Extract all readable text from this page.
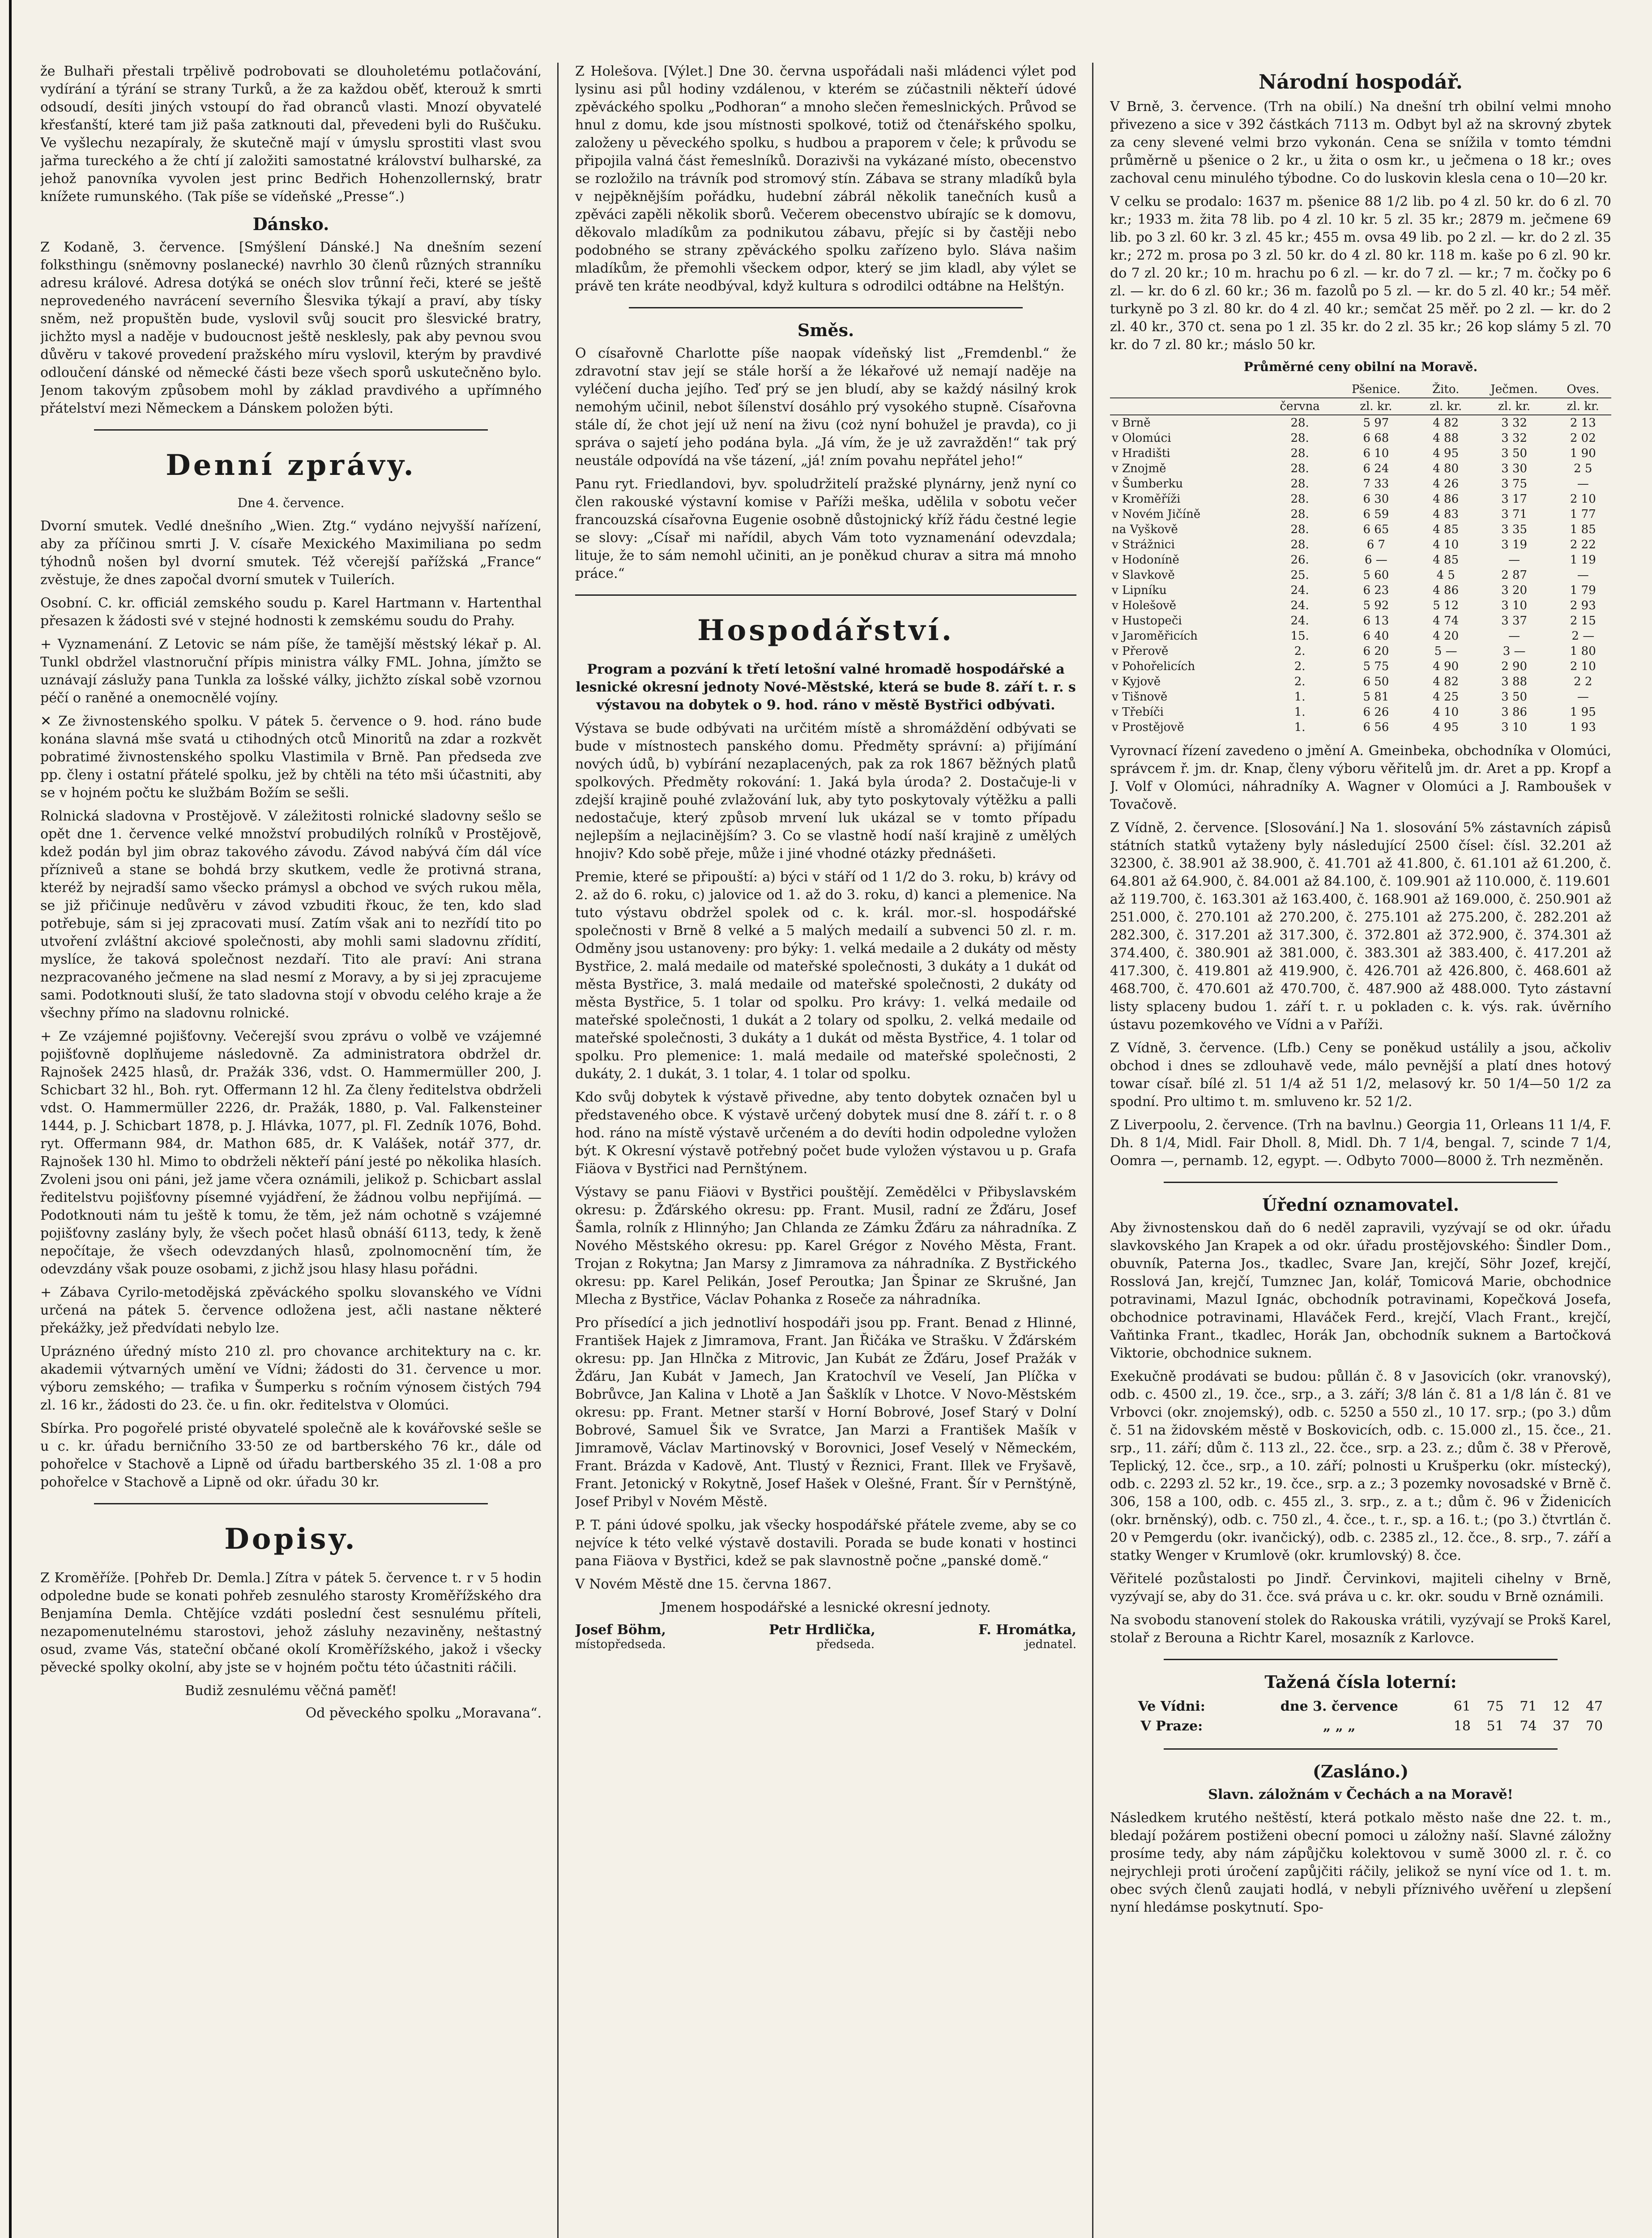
že Bulhaři přestali trpělivě podrobovati se dlouholetému potlačování, vydírání a týrání se strany Turků, a že za každou oběť, kterouž k smrti odsoudí, desíti jiných vstoupí do řad obranců vlasti. Mnozí obyvatelé křesťanští, které tam již paša zatknouti dal, převedeni byli do Ruščuku. Ve vyšlechu nezapíraly, že skutečně mají v úmyslu sprostiti vlast svou jařma tureckého a že chtí jí založiti samostatné království bulharské, za jehož panovníka vyvolen jest princ Bedřich Hohenzollernský, bratr knížete rumunského. (Tak píše se vídeňské „Presse“.)

Dánsko.

Z Kodaně, 3. července. [Smýšlení Dánské.] Na dnešním sezení folksthingu (sněmovny poslanecké) navrhlo 30 členů různých stranníku adresu králové. Adresa dotýká se onéch slov trůnní řeči, které se ještě neprovedeného navrácení severního Šlesvika týkají a praví, aby tísky sněm, než propuštěn bude, vyslovil svůj soucit pro šlesvické bratry, jichžto mysl a naděje v budoucnost ještě nesklesly, pak aby pevnou svou důvěru v takové provedení pražského míru vyslovil, kterým by pravdivé odloučení dánské od německé části beze všech sporů uskutečněno bylo. Jenom takovým způsobem mohl by základ pravdivého a upřímného přátelství mezi Německem a Dánskem položen býti.

Denní zprávy.
Dne 4. července.

Dvorní smutek. Vedlé dnešního „Wien. Ztg.“ vydáno nejvyšší nařízení, aby za příčinou smrti J. V. císaře Mexického Maximiliana po sedm týhodnů nošen byl dvorní smutek. Též včerejší pařížská „France“ zvěstuje, že dnes započal dvorní smutek v Tuilerích.

Osobní. C. kr. officiál zemského soudu p. Karel Hartmann v. Hartenthal přesazen k žádosti své v stejné hodnosti k zemskému soudu do Prahy.

+ Vyznamenání. Z Letovic se nám píše, že tamější městský lékař p. Al. Tunkl obdržel vlastnoruční přípis ministra války FML. Johna, jímžto se uznávají záslužy pana Tunkla za lošské války, jichžto získal sobě vzornou péčí o raněné a onemocnělé vojíny.

✕ Ze živnostenského spolku. V pátek 5. července o 9. hod. ráno bude konána slavná mše svatá u ctihodných otců Minoritů na zdar a rozkvět pobratimé živnostenského spolku Vlastimila v Brně. Pan předseda zve pp. členy i ostatní přátelé spolku, jež by chtěli na této mši účastniti, aby se v hojném počtu ke službám Božím se sešli.

Rolnická sladovna v Prostějově. V záležitosti rolnické sladovny sešlo se opět dne 1. července velké množství probudilých rolníků v Prostějově, kdež podán byl jim obraz takového závodu. Závod nabývá čím dál více přízniveů a stane se bohdá brzy skutkem, vedle že protivná strana, kteréž by nejradší samo všecko prámysl a obchod ve svých rukou měla, se již přičinuje nedůvěru v závod vzbuditi řkouc, že ten, kdo slad potřebuje, sám si jej zpracovati musí. Zatím však ani to nezřídí tito po utvoření zvláštní akciové společnosti, aby mohli sami sladovnu zřídití, myslíce, že taková společnost nezdaří. Tito ale praví: Ani strana nezpracovaného ječmene na slad nesmí z Moravy, a by si jej zpracujeme sami. Podotknouti sluší, že tato sladovna stojí v obvodu celého kraje a že všechny přímo na sladovnu rolnické.

+ Ze vzájemné pojišťovny. Večerejší svou zprávu o volbě ve vzájemné pojišťovně doplňujeme následovně. Za administratora obdržel dr. Rajnošek 2425 hlasů, dr. Pražák 336, vdst. O. Hammermüller 200, J. Schicbart 32 hl., Boh. ryt. Offermann 12 hl. Za členy ředitelstva obdrželi vdst. O. Hammermüller 2226, dr. Pražák, 1880, p. Val. Falkensteiner 1444, p. J. Schicbart 1878, p. J. Hlávka, 1077, pl. Fl. Zedník 1076, Bohd. ryt. Offermann 984, dr. Mathon 685, dr. K Valášek, notář 377, dr. Rajnošek 130 hl. Mimo to obdrželi někteří pání jesté po několika hlasích. Zvoleni jsou oni páni, jež jame včera oznámili, jelikož p. Schicbart asslal ředitelstvu pojišťovny písemné vyjádření, že žádnou volbu nepřijímá. — Podotknouti nám tu ještě k tomu, že těm, jež nám ochotně s vzájemné pojišťovny zaslány byly, že všech počet hlasů obnáší 6113, tedy, k ženě nepočítaje, že všech odevzdaných hlasů, zpolnomocnění tím, že odevzdány však pouze osobami, z jichž jsou hlasy hlasu pořádni.

+ Zábava Cyrilo-metodějská zpěváckého spolku slovanského ve Vídni určená na pátek 5. července odložena jest, ačli nastane některé překážky, jež předvídati nebylo lze.

Upráznéno úředný místo 210 zl. pro chovance architektury na c. kr. akademii výtvarných umění ve Vídni; žádosti do 31. července u mor. výboru zemského; — trafika v Šumperku s ročním výnosem čistých 794 zl. 16 kr., žádosti do 23. če. u fin. okr. ředitelstva v Olomúci.

Sbírka. Pro pogořelé pristé obyvatelé společně ale k kovářovské sešle se u c. kr. úřadu berničního 33·50 ze od bartberského 76 kr., dále od pohořelce v Stachově a Lipně od úřadu bartberského 35 zl. 1·08 a pro pohořelce v Stachově a Lipně od okr. úřadu 30 kr.

Dopisy.

Z Kroměříže. [Pohřeb Dr. Demla.] Zítra v pátek 5. července t. r v 5 hodin odpoledne bude se konati pohřeb zesnulého starosty Kroměřížského dra Benjamína Demla. Chtějíce vzdáti poslední čest sesnulému příteli, nezapomenutelnému starostovi, jehož zásluhy nezaviněny, neštastný osud, zvame Vás, stateční občané okolí Kroměřížského, jakož i všecky pěvecké spolky okolní, aby jste se v hojném počtu této účastniti ráčili.

Budiž zesnulému věčná paměť!

Od pěveckého spolku „Moravana“.

Z Holešova. [Výlet.] Dne 30. června uspořádali naši mládenci výlet pod lysinu asi půl hodiny vzdálenou, v kterém se zúčastnili někteří údové zpěváckého spolku „Podhoran“ a mnoho slečen řemeslnických. Průvod se hnul z domu, kde jsou místnosti spolkové, totiž od čtenářského spolku, založeny u pěveckého spolku, s hudbou a praporem v čele; k průvodu se připojila valná část řemeslníků. Dorazivši na vykázané místo, obecenstvo se rozložilo na trávník pod stromový stín. Zábava se strany mladíků byla v nejpěknějším pořádku, hudební zábrál několik tanečních kusů a zpěváci zapěli několik sborů. Večerem obecenstvo ubírajíc se k domovu, děkovalo mladíkům za podnikutou zábavu, přejíc si by častěji nebo podobného se strany zpěváckého spolku zařízeno bylo. Sláva našim mladíkům, že přemohli všeckem odpor, který se jim kladl, aby výlet se právě ten kráte neodbýval, když kultura s odrodilci odtábne na Helštýn.

Směs.

O císařovně Charlotte píše naopak vídeňský list „Fremdenbl.“ že zdravotní stav její se stále horší a že lékařové už nemají naděje na vyléčení ducha jejího. Teď prý se jen bludí, aby se každý násilný krok nemohým učinil, nebot šílenství dosáhlo prý vysokého stupně. Císařovna stále dí, že chot její už není na živu (coż nyní bohužel je pravda), co ji správa o sajetí jeho podána byla. „Já vím, že je už zavražděn!“ tak prý neustále odpovídá na vše tázení, „já! zním povahu nepřátel jeho!“

Panu ryt. Friedlandovi, byv. spoludržitelí pražské plynárny, jenž nyní co člen rakouské výstavní komise v Paříži meška, udělila v sobotu večer francouzská císařovna Eugenie osobně důstojnický kříž řádu čestné legie se slovy: „Císař mi nařídil, abych Vám toto vyznamenání odevzdala; lituje, že to sám nemohl učiniti, an je poněkud churav a sitra má mnoho práce.“

Hospodářství.

Program a pozvání k třetí letošní valné hromadě hospodářské a lesnické okresní jednoty Nové-Městské, která se bude 8. září t. r. s výstavou na dobytek o 9. hod. ráno v městě Bystřici odbývati.

Výstava se bude odbývati na určitém místě a shromáždění odbývati se bude v místnostech panského domu. Předměty správní: a) přijímání nových údů, b) vybírání nezaplacených, pak za rok 1867 běžných platů spolkových. Předměty rokování: 1. Jaká byla úroda? 2. Dostačuje-li v zdejší krajině pouhé zvlažování luk, aby tyto poskytovaly výtěžku a palli nedostačuje, který způsob mrvení luk ukázal se v tomto případu nejlepším a nejlacinějším? 3. Co se vlastně hodí naší krajině z umělých hnojiv? Kdo sobě přeje, může i jiné vhodné otázky přednášeti.

Premie, které se připouští: a) býci v stáří od 1 1/2 do 3. roku, b) krávy od 2. až do 6. roku, c) jalovice od 1. až do 3. roku, d) kanci a plemenice. Na tuto výstavu obdržel spolek od c. k. král. mor.-sl. hospodářské společnosti v Brně 8 velké a 5 malých medailí a subvenci 50 zl. r. m. Odměny jsou ustanoveny: pro býky: 1. velká medaile a 2 dukáty od městy Bystřice, 2. malá medaile od mateřské společnosti, 3 dukáty a 1 dukát od města Bystřice, 3. malá medaile od mateřské společnosti, 2 dukáty od města Bystřice, 5. 1 tolar od spolku. Pro krávy: 1. velká medaile od mateřské společnosti, 1 dukát a 2 tolary od spolku, 2. velká medaile od mateřské společnosti, 3 dukáty a 1 dukát od města Bystřice, 4. 1 tolar od spolku. Pro plemenice: 1. malá medaile od mateřské společnosti, 2 dukáty, 2. 1 dukát, 3. 1 tolar, 4. 1 tolar od spolku.

Kdo svůj dobytek k výstavě přivedne, aby tento dobytek označen byl u představeného obce. K výstavě určený dobytek musí dne 8. září t. r. o 8 hod. ráno na místě výstavě určeném a do devíti hodin odpoledne vyložen být. K Okresní výstavě potřebný počet bude vyložen výstavou u p. Grafa Fiäova v Bystřici nad Pernštýnem.

Výstavy se panu Fiäovi v Bystřici pouštějí. Zemědělci v Přibyslavském okresu: p. Žďárského okresu: pp. Frant. Musil, radní ze Žďáru, Josef Šamla, rolník z Hlinnýho; Jan Chlanda ze Zámku Žďáru za náhradníka. Z Nového Městského okresu: pp. Karel Grégor z Nového Města, Frant. Trojan z Rokytna; Jan Marsy z Jimramova za náhradníka. Z Bystřického okresu: pp. Karel Pelikán, Josef Peroutka; Jan Špinar ze Skrušné, Jan Mlecha z Bystřice, Václav Pohanka z Roseče za náhradníka.

Pro přísedící a jich jednotliví hospodáři jsou pp. Frant. Benad z Hlinné, František Hajek z Jimramova, Frant. Jan Řičáka ve Strašku. V Žďárském okresu: pp. Jan Hlnčka z Mitrovic, Jan Kubát ze Žďáru, Josef Pražák v Žďáru, Jan Kubát v Jamech, Jan Kratochvíl ve Veselí, Jan Plíčka v Bobrůvce, Jan Kalina v Lhotě a Jan Šašklík v Lhotce. V Novo-Městském okresu: pp. Frant. Metner starší v Horní Bobrové, Josef Starý v Dolní Bobrové, Samuel Šik ve Svratce, Jan Marzi a František Mašík v Jimramově, Václav Martinovský v Borovnici, Josef Veselý v Německém, Frant. Brázda v Kadově, Ant. Tlustý v Řeznici, Frant. Illek ve Fryšavě, Frant. Jetonický v Rokytně, Josef Hašek v Olešné, Frant. Šír v Pernštýně, Josef Pribyl v Novém Městě.

P. T. páni údové spolku, jak všecky hospodářské přátele zveme, aby se co nejvíce k této velké výstavě dostavili. Porada se bude konati v hostinci pana Fiäova v Bystřici, kdež se pak slavnostně počne „panské domě.“

V Novém Městě dne 15. června 1867.

Jmenem hospodářské a lesnické okresní jednoty.

Josef Böhm,	Petr Hrdlička,	F. Hromátka,
místopředseda.	předseda.	jednatel.
Národní hospodář.

V Brně, 3. července. (Trh na obilí.) Na dnešní trh obilní velmi mnoho přivezeno a sice v 392 částkách 7113 m. Odbyt byl až na skrovný zbytek za ceny slevené velmi brzo vykonán. Cena se snížila v tomto témdni průměrně u pšenice o 2 kr., u žita o osm kr., u ječmena o 18 kr.; oves zachoval cenu minulého týbodne. Co do luskovin klesla cena o 10—20 kr.

V celku se prodalo: 1637 m. pšenice 88 1/2 lib. po 4 zl. 50 kr. do 6 zl. 70 kr.; 1933 m. žita 78 lib. po 4 zl. 10 kr. 5 zl. 35 kr.; 2879 m. ječmene 69 lib. po 3 zl. 60 kr. 3 zl. 45 kr.; 455 m. ovsa 49 lib. po 2 zl. — kr. do 2 zl. 35 kr.; 272 m. prosa po 3 zl. 50 kr. do 4 zl. 80 kr. 118 m. kaše po 6 zl. 90 kr. do 7 zl. 20 kr.; 10 m. hrachu po 6 zl. — kr. do 7 zl. — kr.; 7 m. čočky po 6 zl. — kr. do 6 zl. 60 kr.; 36 m. fazolů po 5 zl. — kr. do 5 zl. 40 kr.; 54 měř. turkyně po 3 zl. 80 kr. do 4 zl. 40 kr.; semčat 25 měř. po 2 zl. — kr. do 2 zl. 40 kr., 370 ct. sena po 1 zl. 35 kr. do 2 zl. 35 kr.; 26 kop slámy 5 zl. 70 kr. do 7 zl. 80 kr.; máslo 50 kr.

Průměrné ceny obilní na Moravě.
		Pšenice.	Žito.	Ječmen.	Oves.
	června	zl. kr.	zl. kr.	zl. kr.	zl. kr.
v Brně	28.	5 97	4 82	3 32	2 13
v Olomúci	28.	6 68	4 88	3 32	2 02
v Hradišti	28.	6 10	4 95	3 50	1 90
v Znojmě	28.	6 24	4 80	3 30	2 5
v Šumberku	28.	7 33	4 26	3 75	—
v Kroměříži	28.	6 30	4 86	3 17	2 10
v Novém Jičíně	28.	6 59	4 83	3 71	1 77
na Vyškově	28.	6 65	4 85	3 35	1 85
v Strážnici	28.	6 7	4 10	3 19	2 22
v Hodoníně	26.	6 —	4 85	—	1 19
v Slavkově	25.	5 60	4 5	2 87	—
v Lipníku	24.	6 23	4 86	3 20	1 79
v Holešově	24.	5 92	5 12	3 10	2 93
v Hustopeči	24.	6 13	4 74	3 37	2 15
v Jaroměřicích	15.	6 40	4 20	—	2 —
v Přerově	2.	6 20	5 —	3 —	1 80
v Pohořelicích	2.	5 75	4 90	2 90	2 10
v Kyjově	2.	6 50	4 82	3 88	2 2
v Tišnově	1.	5 81	4 25	3 50	—
v Třebíči	1.	6 26	4 10	3 86	1 95
v Prostějově	1.	6 56	4 95	3 10	1 93

Vyrovnací řízení zavedeno o jmění A. Gmeinbeka, obchodníka v Olomúci, správcem ř. jm. dr. Knap, členy výboru věřitelů jm. dr. Aret a pp. Kropf a J. Volf v Olomúci, náhradníky A. Wagner v Olomúci a J. Ramboušek v Tovačově.

Z Vídně, 2. července. [Slosování.] Na 1. slosování 5% zástavních zápisů státních statků vytaženy byly následující 2500 čísel: čísl. 32.201 až 32300, č. 38.901 až 38.900, č. 41.701 až 41.800, č. 61.101 až 61.200, č. 64.801 až 64.900, č. 84.001 až 84.100, č. 109.901 až 110.000, č. 119.601 až 119.700, č. 163.301 až 163.400, č. 168.901 až 169.000, č. 250.901 až 251.000, č. 270.101 až 270.200, č. 275.101 až 275.200, č. 282.201 až 282.300, č. 317.201 až 317.300, č. 372.801 až 372.900, č. 374.301 až 374.400, č. 380.901 až 381.000, č. 383.301 až 383.400, č. 417.201 až 417.300, č. 419.801 až 419.900, č. 426.701 až 426.800, č. 468.601 až 468.700, č. 470.601 až 470.700, č. 487.900 až 488.000. Tyto zástavní listy splaceny budou 1. září t. r. u pokladen c. k. výs. rak. úvěrního ústavu pozemkového ve Vídni a v Paříži.

Z Vídně, 3. července. (Lfb.) Ceny se poněkud ustálily a jsou, ačkoliv obchod i dnes se zdlouhavě vede, málo pevnější a platí dnes hotový towar císař. bílé zl. 51 1/4 až 51 1/2, melasový kr. 50 1/4—50 1/2 za spodní. Pro ultimo t. m. smluveno kr. 52 1/2.

Z Liverpoolu, 2. července. (Trh na bavlnu.) Georgia 11, Orleans 11 1/4, F. Dh. 8 1/4, Midl. Fair Dholl. 8, Midl. Dh. 7 1/4, bengal. 7, scinde 7 1/4, Oomra —, pernamb. 12, egypt. —. Odbyto 7000—8000 ž. Trh nezměněn.

Úřední oznamovatel.

Aby živnostenskou daň do 6 neděl zapravili, vyzývají se od okr. úřadu slavkovského Jan Krapek a od okr. úřadu prostějovského: Šindler Dom., obuvník, Paterna Jos., tkadlec, Svare Jan, krejčí, Söhr Jozef, krejčí, Rosslová Jan, krejčí, Tumznec Jan, kolář, Tomicová Marie, obchodnice potravinami, Mazul Ignác, obchodník potravinami, Kopečková Josefa, obchodnice potravinami, Hlaváček Ferd., krejčí, Vlach Frant., krejčí, Vaňtinka Frant., tkadlec, Horák Jan, obchodník suknem a Bartočková Viktorie, obchodnice suknem.

Exekučně prodávati se budou: půllán č. 8 v Jasovicích (okr. vranovský), odb. c. 4500 zl., 19. čce., srp., a 3. září; 3/8 lán č. 81 a 1/8 lán č. 81 ve Vrbovci (okr. znojemský), odb. c. 5250 a 550 zl., 10 17. srp.; (po 3.) dům č. 51 na židovském městě v Boskovicích, odb. c. 15.000 zl., 15. čce., 21. srp., 11. září; dům č. 113 zl., 22. čce., srp. a 23. z.; dům č. 38 v Přerově, Teplický, 12. čce., srp., a 10. září; polnosti u Krušperku (okr. místecký), odb. c. 2293 zl. 52 kr., 19. čce., srp. a z.; 3 pozemky novosadské v Brně č. 306, 158 a 100, odb. c. 455 zl., 3. srp., z. a t.; dům č. 96 v Židenicích (okr. brněnský), odb. c. 750 zl., 4. čce., t. r., sp. a 16. t.; (po 3.) čtvrtlán č. 20 v Pemgerdu (okr. ivančický), odb. c. 2385 zl., 12. čce., 8. srp., 7. září a statky Wenger v Krumlově (okr. krumlovský) 8. čce.

Věřitelé pozůstalosti po Jindř. Červinkovi, majiteli cihelny v Brně, vyzývají se, aby do 31. čce. svá práva u c. kr. okr. soudu v Brně oznámili.

Na svobodu stanovení stolek do Rakouska vrátili, vyzývají se Prokš Karel, stolař z Berouna a Richtr Karel, mosazník z Karlovce.

Tažená čísla loterní:
Ve Vídni:	dne 3. července	61	75	71	12	47
V Praze:	„ „ „	18	51	74	37	70
(Zasláno.)

Slavn. záložnám v Čechách a na Moravě!

Následkem krutého neštěstí, která potkalo město naše dne 22. t. m., bledají požárem postiženi obecní pomoci u záložny naší. Slavné záložny prosíme tedy, aby nám zápůjčku kolektovou v sumě 3000 zl. r. č. co nejrychleji proti úročení zapůjčiti ráčily, jelikož se nyní více od 1. t. m. obec svých členů zaujati hodlá, v nebyli příznivého uvěření u zlepšení nyní hledámse poskytnutí. Spo-
